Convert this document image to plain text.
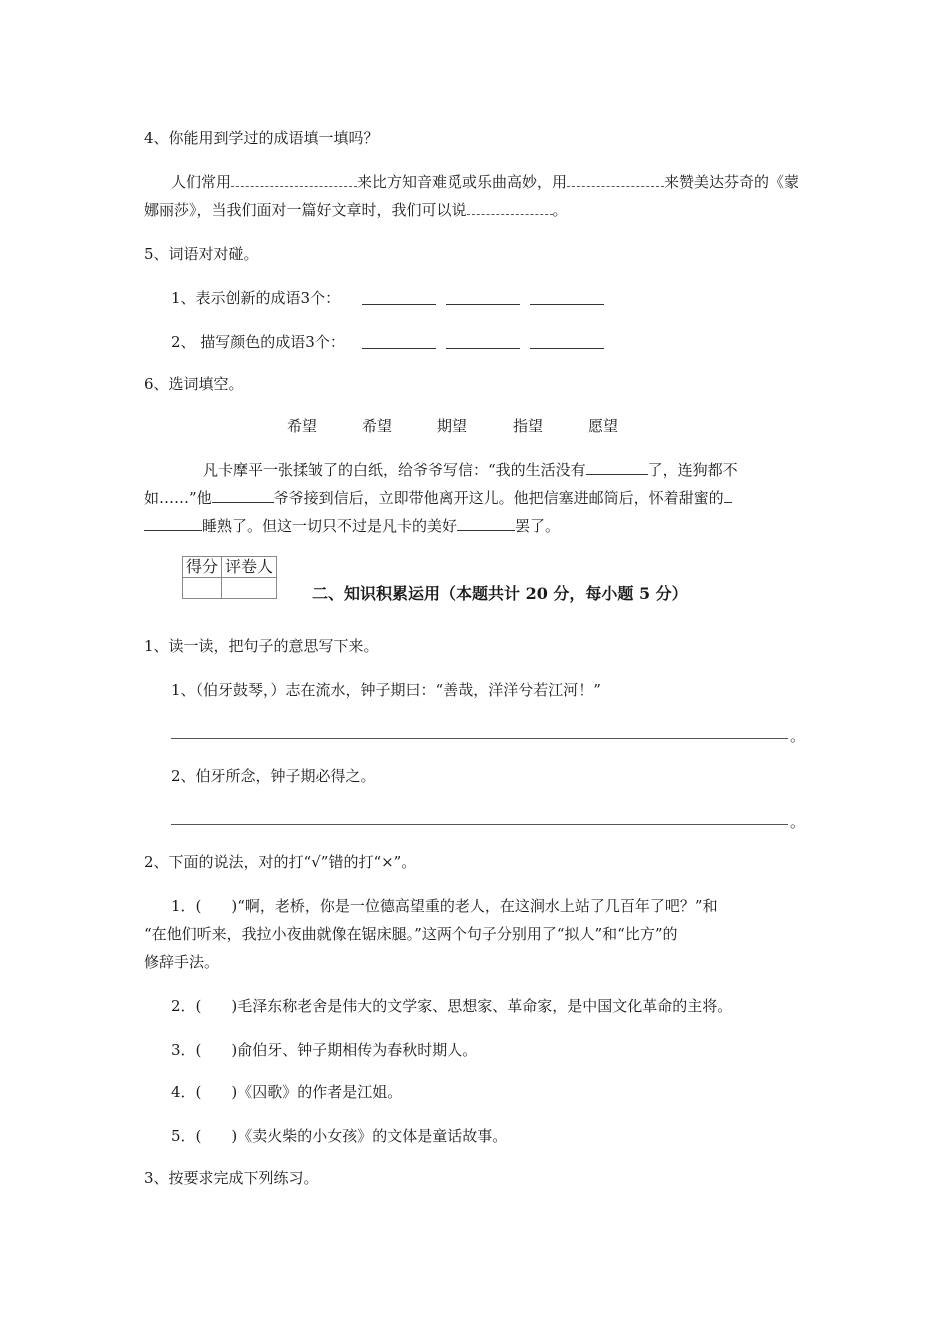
4、你能用到学过的成语填一填吗？
人们常用	来比方知音难觅或乐曲高妙，用	来赞美达芬奇的《蒙
娜丽莎》，当我们面对一篇好文章时，我们可以说	。
5、词语对对碰。
1、表示创新的成语3个：
2、 描写颜色的成语3个：
6、选词填空。
希望	希望	期望	指望	愿望
凡卡摩平一张揉皱了的白纸，给爷爷写信：“我的生活没有	了，连狗都不
如……”他	爷爷接到信后，立即带他离开这儿。他把信塞进邮筒后，怀着甜蜜的
睡熟了。但这一切只不过是凡卡的美好	罢了。
得分	评卷人

二、知识积累运用（本题共计 20 分，每小题 5 分）
1、读一读，把句子的意思写下来。
1、（伯牙鼓琴，）志在流水，钟子期曰：“善哉，洋洋兮若江河！”
。
2、伯牙所念，钟子期必得之。
。
2、下面的说法，对的打“√”错的打“×”。
1．(　　)“啊，老桥，你是一位德高望重的老人，在这涧水上站了几百年了吧？”和
“在他们听来，我拉小夜曲就像在锯床腿。”这两个句子分别用了“拟人”和“比方”的
修辞手法。
2．(　　)毛泽东称老舍是伟大的文学家、思想家、革命家，是中国文化革命的主将。
3．(　　)俞伯牙、钟子期相传为春秋时期人。
4．(　　)《囚歌》的作者是江姐。
5．(　　)《卖火柴的小女孩》的文体是童话故事。
3、按要求完成下列练习。
